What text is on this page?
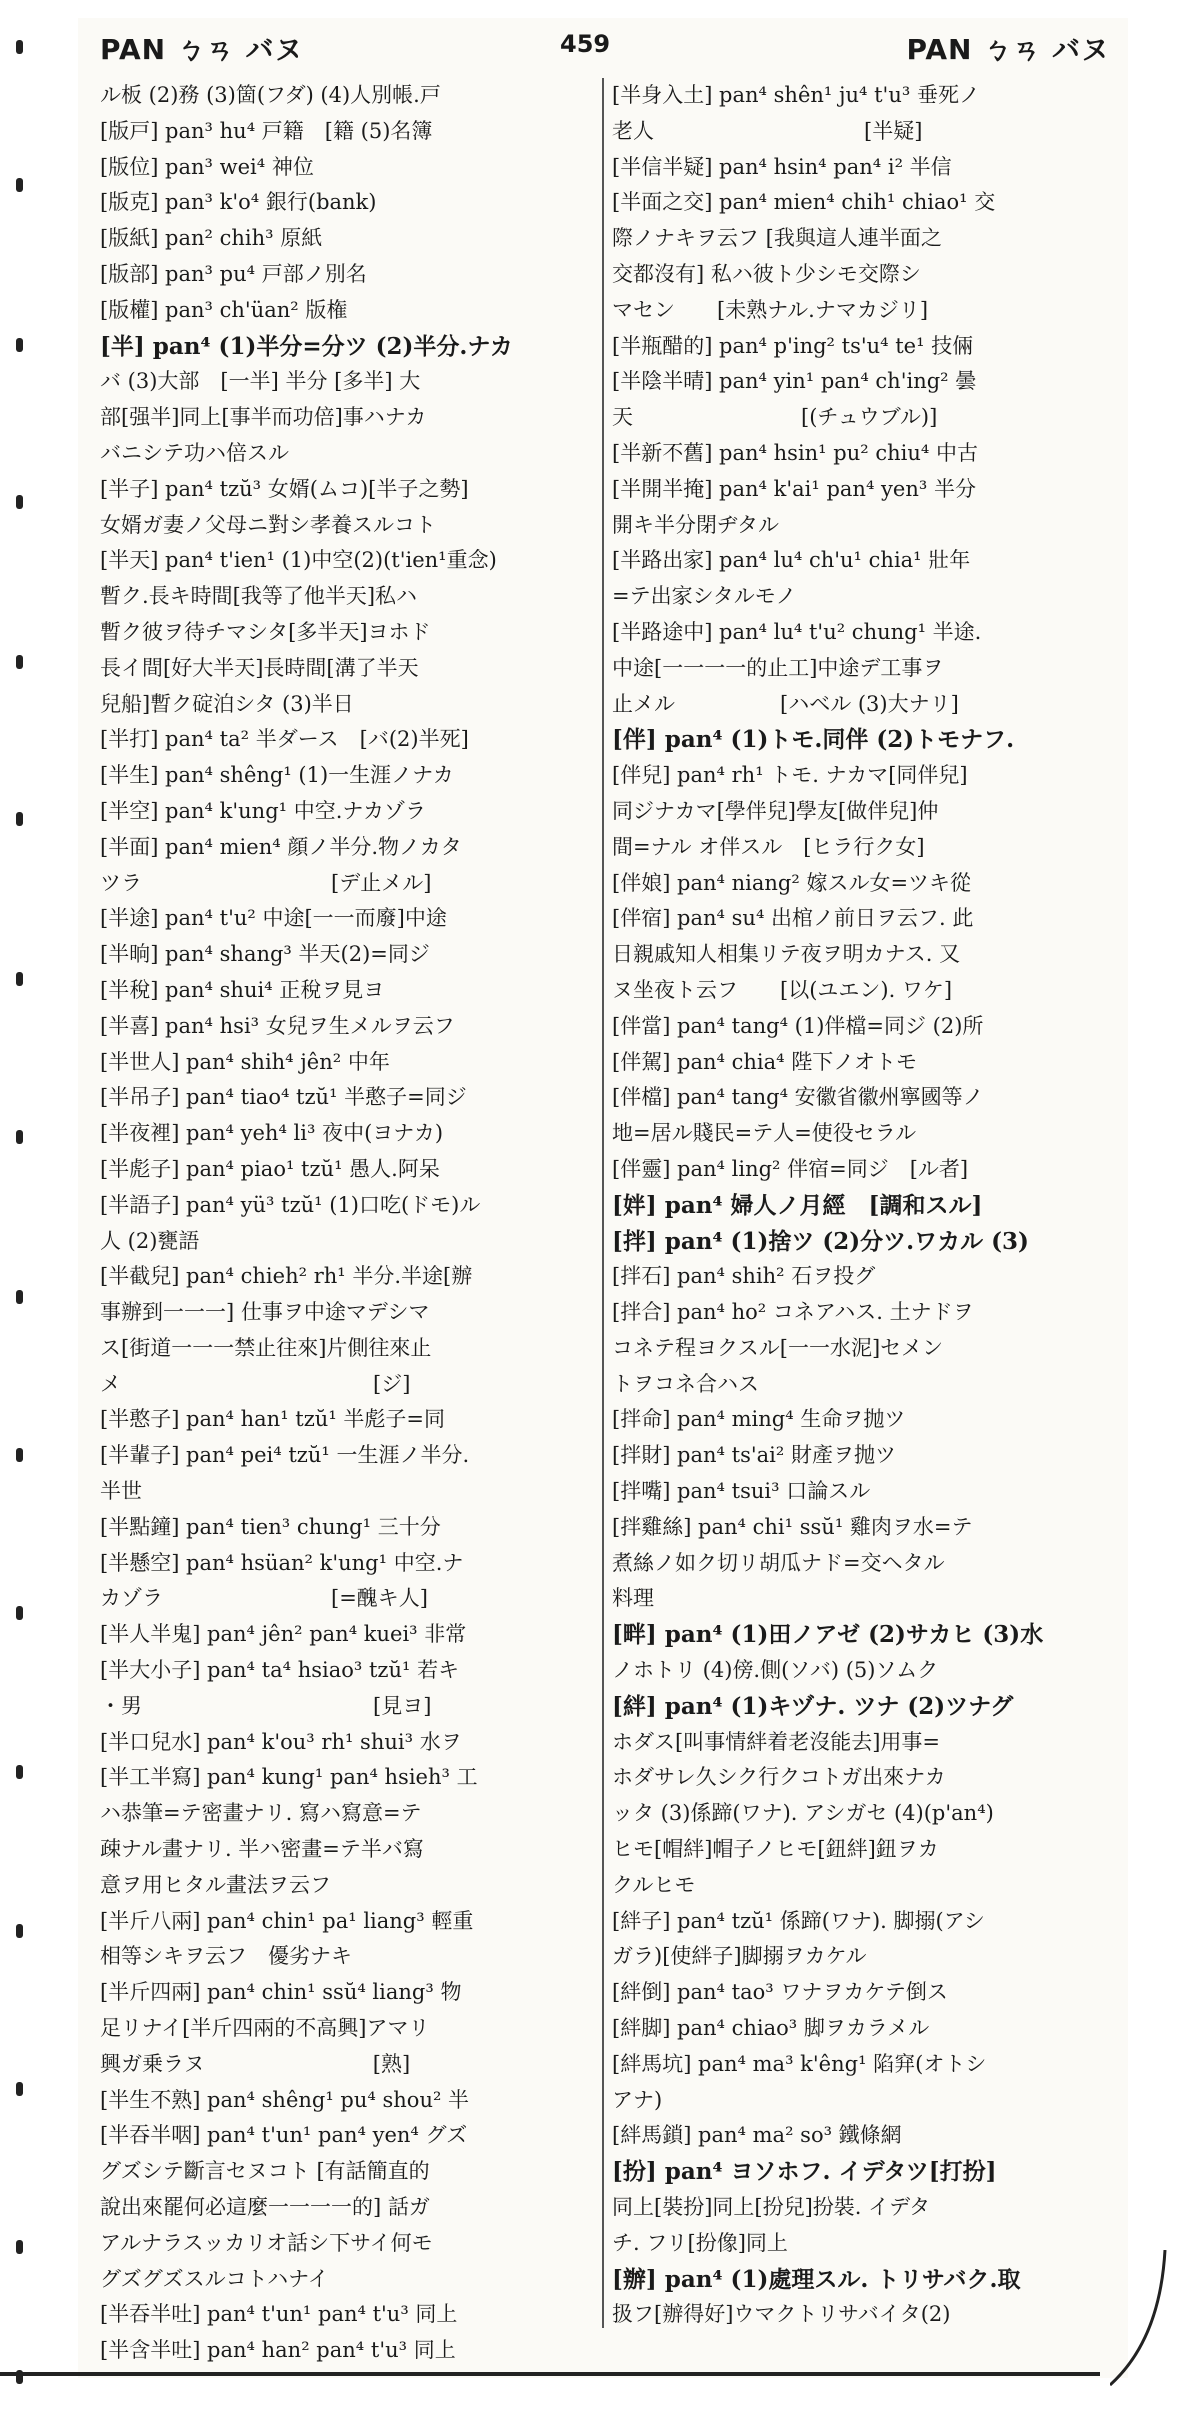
PAN ㄅㄢ バヌ	459	PAN ㄅㄢ バヌ
ル板 (2)務 (3)箇(フダ) (4)人別帳.戸
[版戸] pan³ hu⁴ 戸籍　[籍 (5)名簿
[版位] pan³ wei⁴ 神位
[版克] pan³ k'o⁴ 銀行(bank)
[版紙] pan² chih³ 原紙
[版部] pan³ pu⁴ 戸部ノ別名
[版權] pan³ ch'üan² 版権
[半] pan⁴ (1)半分=分ツ (2)半分.ナカ
バ (3)大部　[一半] 半分 [多半] 大
部[强半]同上[事半而功倍]事ハナカ
バニシテ功ハ倍スル
[半子] pan⁴ tzŭ³ 女婿(ムコ)[半子之勢]
女婿ガ妻ノ父母ニ對シ孝養スルコト
[半天] pan⁴ t'ien¹ (1)中空(2)(t'ien¹重念)
暫ク.長キ時間[我等了他半天]私ハ
暫ク彼ヲ待チマシタ[多半天]ヨホド
長イ間[好大半天]長時間[溝了半天
兒船]暫ク碇泊シタ (3)半日
[半打] pan⁴ ta² 半ダース　[バ(2)半死]
[半生] pan⁴ shêng¹ (1)一生涯ノナカ
[半空] pan⁴ k'ung¹ 中空.ナカゾラ
[半面] pan⁴ mien⁴ 顔ノ半分.物ノカタ
ツラ　　　　　　　　　[デ止メル]
[半途] pan⁴ t'u² 中途[一一而廢]中途
[半晌] pan⁴ shang³ 半天(2)=同ジ
[半稅] pan⁴ shui⁴ 正稅ヲ見ヨ
[半喜] pan⁴ hsi³ 女兒ヲ生メルヲ云フ
[半世人] pan⁴ shih⁴ jên² 中年
[半吊子] pan⁴ tiao⁴ tzŭ¹ 半憨子=同ジ
[半夜裡] pan⁴ yeh⁴ li³ 夜中(ヨナカ)
[半彪子] pan⁴ piao¹ tzŭ¹ 愚人.阿呆
[半語子] pan⁴ yü³ tzŭ¹ (1)口吃(ドモ)ル
人 (2)甕語
[半截兒] pan⁴ chieh² rh¹ 半分.半途[辦
事辦到一一一] 仕事ヲ中途マデシマ
ス[街道一一一禁止往來]片側往來止
メ　　　　　　　　　　　　[ジ]
[半憨子] pan⁴ han¹ tzŭ¹ 半彪子=同
[半輩子] pan⁴ pei⁴ tzŭ¹ 一生涯ノ半分.
半世
[半點鐘] pan⁴ tien³ chung¹ 三十分
[半懸空] pan⁴ hsüan² k'ung¹ 中空.ナ
カゾラ　　　　　　　　[=醜キ人]
[半人半鬼] pan⁴ jên² pan⁴ kuei³ 非常
[半大小子] pan⁴ ta⁴ hsiao³ tzŭ¹ 若キ
・男　　　　　　　　　　　[見ヨ]
[半口兒水] pan⁴ k'ou³ rh¹ shui³ 水ヲ
[半工半寫] pan⁴ kung¹ pan⁴ hsieh³ 工
ハ恭筆=テ密畫ナリ. 寫ハ寫意=テ
疎ナル畫ナリ. 半ハ密畫=テ半バ寫
意ヲ用ヒタル畫法ヲ云フ
[半斤八兩] pan⁴ chin¹ pa¹ liang³ 輕重
相等シキヲ云フ　優劣ナキ
[半斤四兩] pan⁴ chin¹ ssŭ⁴ liang³ 物
足リナイ[半斤四兩的不高興]アマリ
興ガ乗ラヌ　　　　　　　　[熟]
[半生不熟] pan⁴ shêng¹ pu⁴ shou² 半
[半吞半咽] pan⁴ t'un¹ pan⁴ yen⁴ グズ
グズシテ斷言セヌコト [有話簡直的
說出來罷何必這麼一一一一的] 話ガ
アルナラスッカリオ話シ下サイ何モ
グズグズスルコトハナイ
[半吞半吐] pan⁴ t'un¹ pan⁴ t'u³ 同上
[半含半吐] pan⁴ han² pan⁴ t'u³ 同上
[半身入土] pan⁴ shên¹ ju⁴ t'u³ 垂死ノ
老人　　　　　　　　　　[半疑]
[半信半疑] pan⁴ hsin⁴ pan⁴ i² 半信
[半面之交] pan⁴ mien⁴ chih¹ chiao¹ 交
際ノナキヲ云フ [我與這人連半面之
交都沒有] 私ハ彼ト少シモ交際シ
マセン　　[未熟ナル.ナマカジリ]
[半瓶醋的] pan⁴ p'ing² ts'u⁴ te¹ 技倆
[半陰半晴] pan⁴ yin¹ pan⁴ ch'ing² 曇
天　　　　　　　　[(チュウブル)]
[半新不舊] pan⁴ hsin¹ pu² chiu⁴ 中古
[半開半掩] pan⁴ k'ai¹ pan⁴ yen³ 半分
開キ半分閉ヂタル
[半路出家] pan⁴ lu⁴ ch'u¹ chia¹ 壯年
=テ出家シタルモノ
[半路途中] pan⁴ lu⁴ t'u² chung¹ 半途.
中途[一一一一的止工]中途デ工事ヲ
止メル　　　　　[ハベル (3)大ナリ]
[伴] pan⁴ (1)トモ.同伴 (2)トモナフ.
[伴兒] pan⁴ rh¹ トモ. ナカマ[同伴兒]
同ジナカマ[學伴兒]學友[做伴兒]仲
間=ナル オ伴スル　[ヒラ行ク女]
[伴娘] pan⁴ niang² 嫁スル女=ツキ從
[伴宿] pan⁴ su⁴ 出棺ノ前日ヲ云フ. 此
日親戚知人相集リテ夜ヲ明カナス. 又
ヌ坐夜ト云フ　　[以(ユエン). ワケ]
[伴當] pan⁴ tang⁴ (1)伴檔=同ジ (2)所
[伴駕] pan⁴ chia⁴ 陛下ノオトモ
[伴檔] pan⁴ tang⁴ 安徽省徽州寧國等ノ
地=居ル賤民=テ人=使役セラル
[伴靈] pan⁴ ling² 伴宿=同ジ　[ル者]
[姅] pan⁴ 婦人ノ月經　[調和スル]
[拌] pan⁴ (1)捨ツ (2)分ツ.ワカル (3)
[拌石] pan⁴ shih² 石ヲ投グ
[拌合] pan⁴ ho² コネアハス. 土ナドヲ
コネテ程ヨクスル[一一水泥]セメン
トヲコネ合ハス
[拌命] pan⁴ ming⁴ 生命ヲ抛ツ
[拌財] pan⁴ ts'ai² 財產ヲ抛ツ
[拌嘴] pan⁴ tsui³ 口論スル
[拌雞絲] pan⁴ chi¹ ssŭ¹ 雞肉ヲ水=テ
煮絲ノ如ク切リ胡瓜ナド=交ヘタル
料理
[畔] pan⁴ (1)田ノアゼ (2)サカヒ (3)水
ノホトリ (4)傍.側(ソバ) (5)ソムク
[絆] pan⁴ (1)キヅナ. ツナ (2)ツナグ
ホダス[叫事情絆着老沒能去]用事=
ホダサレ久シク行クコトガ出來ナカ
ッタ (3)係蹄(ワナ). アシガセ (4)(p'an⁴)
ヒモ[帽絆]帽子ノヒモ[鈕絆]鈕ヲカ
クルヒモ
[絆子] pan⁴ tzŭ¹ 係蹄(ワナ). 脚搦(アシ
ガラ)[使絆子]脚搦ヲカケル
[絆倒] pan⁴ tao³ ワナヲカケテ倒ス
[絆脚] pan⁴ chiao³ 脚ヲカラメル
[絆馬坑] pan⁴ ma³ k'êng¹ 陷穽(オトシ
アナ)
[絆馬鎖] pan⁴ ma² so³ 鐵條網
[扮] pan⁴ ヨソホフ. イデタツ[打扮]
同上[裝扮]同上[扮兒]扮裝. イデタ
チ. フリ[扮像]同上
[辦] pan⁴ (1)處理スル. トリサバク.取
扱フ[辦得好]ウマクトリサバイタ(2)
